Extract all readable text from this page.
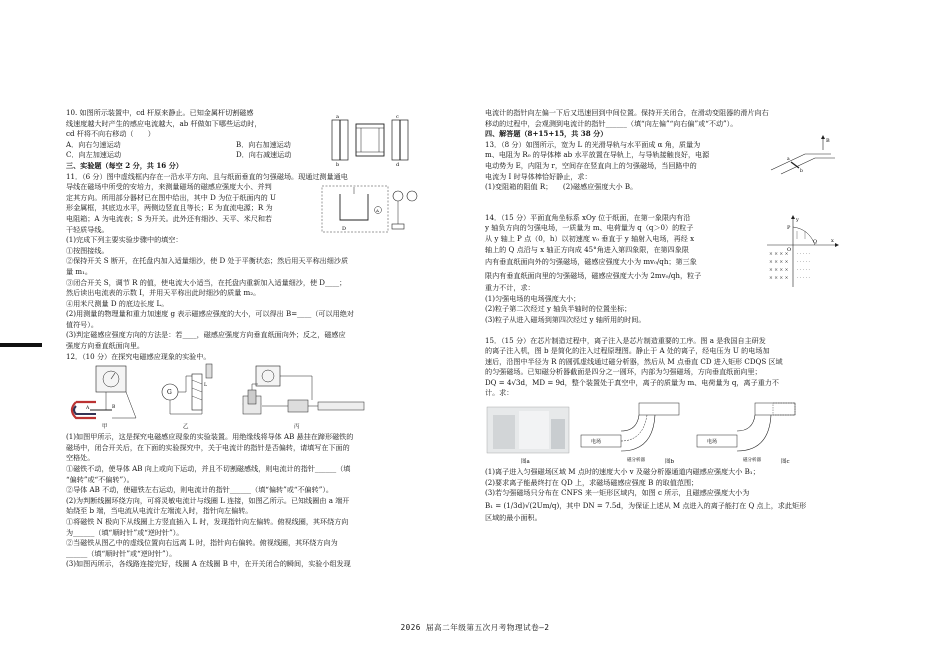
a
b
c
d
10. 如图所示装置中，cd 杆原来静止。已知金属杆切割磁感
线速度越大时产生的感应电流越大，ab 杆做如下哪些运动时，
cd 杆将不向右移动（　　）
A．向右匀速运动	B．向右加速运动
C．向左加速运动	D．向右减速运动
三、实验题（每空 2 分，共 16 分）
A
D
11．（6 分）图中虚线框内存在一沿水平方向、且与纸面垂直的匀强磁场。现通过测量通电
导线在磁场中所受的安培力，来测量磁场的磁感应强度大小、并判
定其方向。所用部分器材已在图中给出，其中 D 为位于纸面内的 U
形金属框，其底边水平，两侧边竖直且等长；E 为直流电源；R 为
电阻箱；A 为电流表；S 为开关。此外还有细沙、天平、米尺和若
干轻质导线。
(1)完成下列主要实验步骤中的填空：
①按图接线。
②保持开关 S 断开，在托盘内加入适量细沙，使 D 处于平衡状态；然后用天平称出细沙质
量 m₁。
③闭合开关 S，调节 R 的值，使电流大小适当，在托盘内重新加入适量细沙，使 D____；
然后读出电流表的示数 I，并用天平称出此时细沙的质量 m₂。
④用米尺测量 D 的底边长度 L。
(2)用测量的物理量和重力加速度 g 表示磁感应强度的大小，可以得出 B=____（可以用绝对
值符号）。
(3)判定磁感应强度方向的方法是：若____，磁感应强度方向垂直纸面向外；反之，磁感应
强度方向垂直纸面向里。
12．（10 分）在探究电磁感应现象的实验中。
A	B
甲
G
L
乙	丙
(1)如图甲所示，这是探究电磁感应现象的实验装置。用绝缘线将导体 AB 悬挂在蹄形磁铁的
磁场中，闭合开关后，在下面的实验探究中，关于电流计的指针是否偏转，请填写在下面的
空格处。
①磁铁不动，使导体 AB 向上或向下运动，并且不切割磁感线，则电流计的指针______（填
“偏转”或“不偏转”）。
②导体 AB 不动，使磁铁左右运动，则电流计的指针______（填“偏转”或“不偏转”）。
(2)为判断线圈环绕方向，可将灵敏电流计与线圈 L 连接，如图乙所示。已知线圈由 a 端开
始绕至 b 端，当电流从电流计左端流入时，指针向左偏转。
①将磁铁 N 极向下从线圈上方竖直插入 L 时，发现指针向左偏转。俯视线圈，其环绕方向
为______（填“顺时针”或“逆时针”）。
②当磁铁从图乙中的虚线位置向右远离 L 时，指针向右偏转。俯视线圈，其环绕方向为
______（填“顺时针”或“逆时针”）。
(3)如图丙所示，各线路连接完好，线圈 A 在线圈 B 中，在开关闭合的瞬间，实验小组发现
电流计的指针向左偏一下后又迅速回到中间位置。保持开关闭合，在滑动变阻器的滑片向右
移动的过程中，会观测到电流计的指针______（填“向左偏”“向右偏”或“不动”）。
四、解答题（8+15+15，共 38 分）
B
a
b
13．（8 分）如图所示，宽为 L 的光滑导轨与水平面成 α 角，质量为
m、电阻为 R₀ 的导体棒 ab 水平放置在导轨上，与导轨接触良好，电源
电动势为 E，内阻为 r，空间存在竖直向上的匀强磁场，当回路中的
电流为 I 时导体棒恰好静止，求：
(1)变阻箱的阻值 R；　　(2)磁感应强度大小 B。
x
y
O
P
Q
× × × ×
× × × ×
× × × ×
× × × ×
· · · · ·
· · · · ·
· · · · ·
· · · · ·
14．（15 分）平面直角坐标系 xOy 位于纸面，在第一象限内有沿
y 轴负方向的匀强电场，一质量为 m、电荷量为 q（q＞0）的粒子
从 y 轴上 P 点（0，h）以初速度 v₀ 垂直于 y 轴射入电场，再经 x
轴上的 Q 点沿与 x 轴正方向成 45°角进入第四象限，在第四象限
内有垂直纸面向外的匀强磁场，磁感应强度大小为 mv₀/qh；第三象
限内有垂直纸面向里的匀强磁场，磁感应强度大小为 2mv₀/qh，粒子
重力不计，求：
(1)匀强电场的电场强度大小；
(2)粒子第二次经过 y 轴负半轴时的位置坐标；
(3)粒子从进入磁场到第四次经过 y 轴所用的时间。
15．（15 分）在芯片制造过程中，离子注入是芯片制造重要的工序。图 a 是我国自主研发
的离子注入机，图 b 是简化的注入过程原理图。静止于 A 处的离子，经电压为 U 的电场加
速后，沿图中半径为 R 的圆弧虚线通过磁分析器，然后从 M 点垂直 CD 进入矩形 CDQS 区域
的匀强磁场。已知磁分析器截面是四分之一圆环，内部为匀强磁场，方向垂直纸面向里；
DQ = 4√3d，MD = 9d，整个装置处于真空中，离子的质量为 m、电荷量为 q，离子重力不
计。求：
图a
电场
磁分析器	图b
电场
磁分析器	图c
(1)离子进入匀强磁场区域 M 点时的速度大小 v 及磁分析器通道内磁感应强度大小 B₁；
(2)要求离子能最终打在 QD 上，求磁场磁感应强度 B 的取值范围；
(3)若匀强磁场只分布在 CNFS 来一矩形区域内，如图 c 所示，且磁感应强度大小为
B₁ = (1/3d)√(2Um/q)，其中 DN = 7.5d，为保证上述从 M 点进入的离子能打在 Q 点上，求此矩形
区域的最小面积。
2026 届高二年级第五次月考物理试卷—2
